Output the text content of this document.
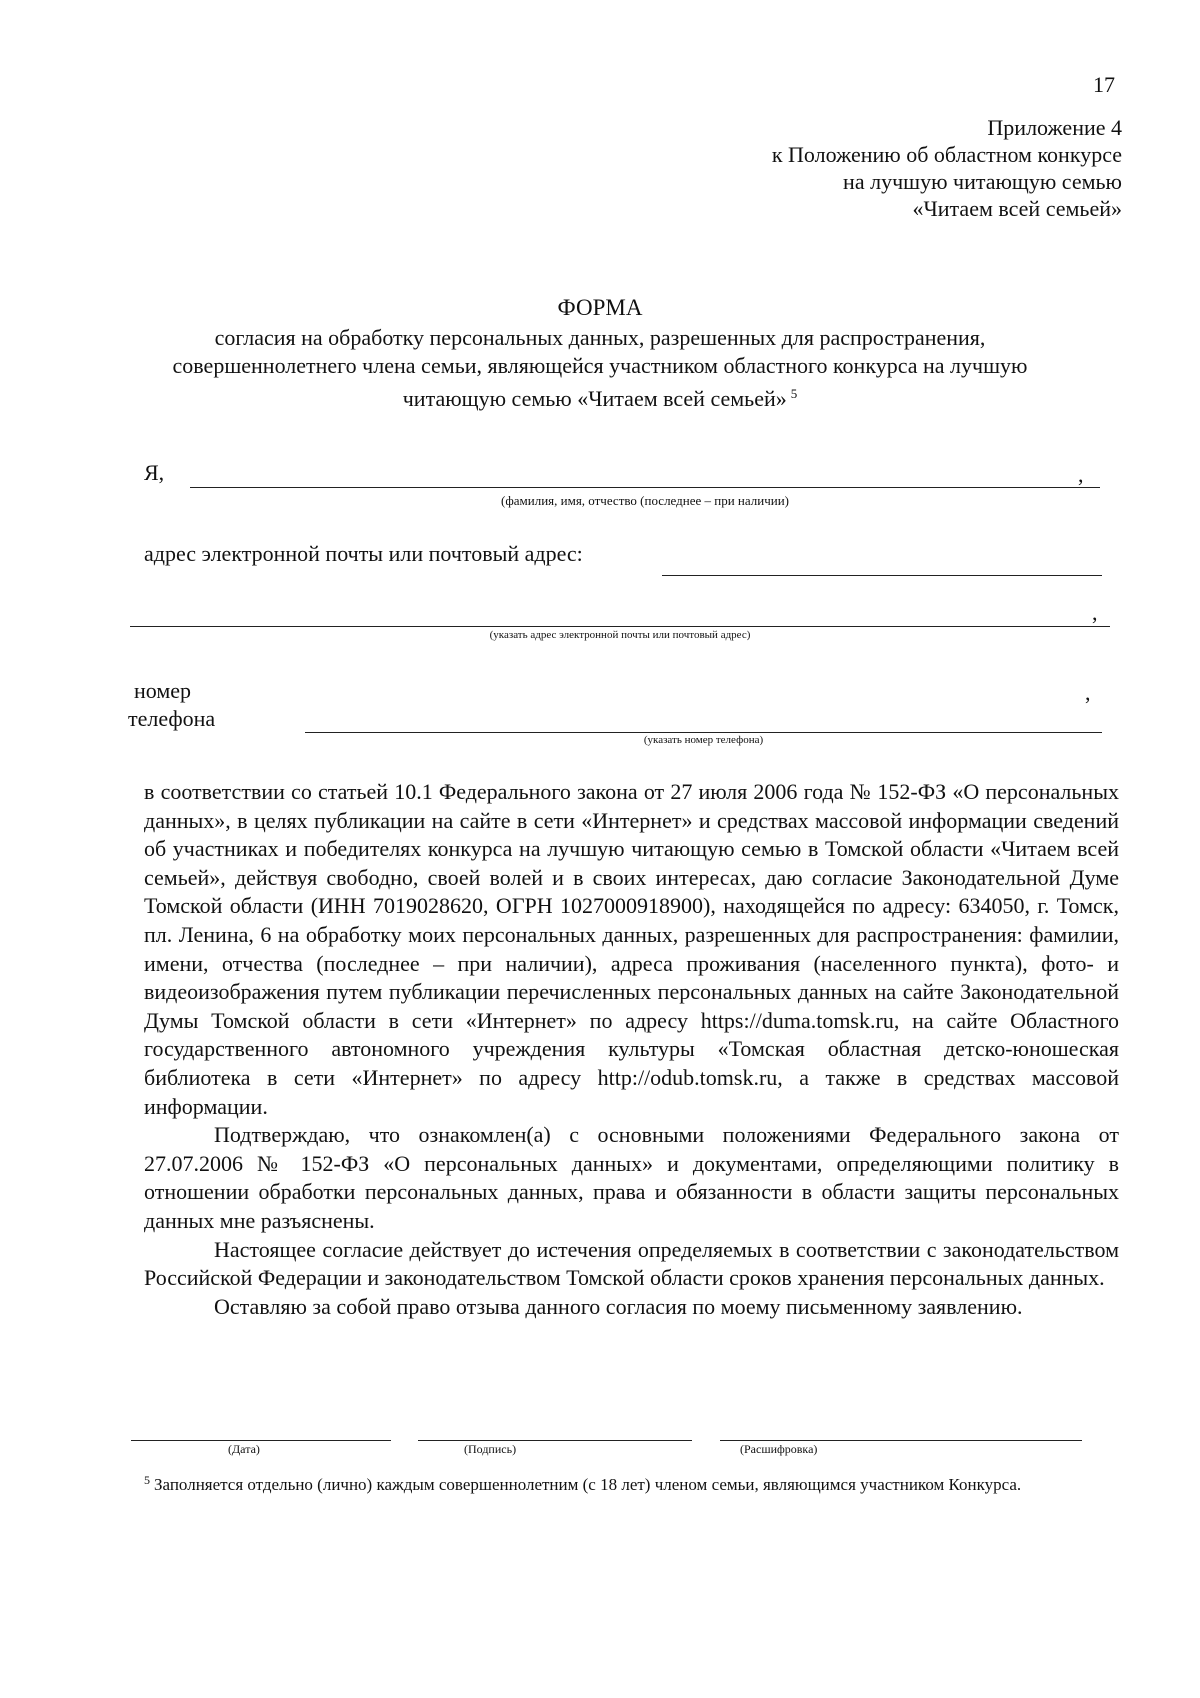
17
Приложение 4
к Положению об областном конкурсе
на лучшую читающую семью
«Читаем всей семьей»
ФОРМА
согласия на обработку персональных данных, разрешенных для распространения,
совершеннолетнего члена семьи, являющейся участником областного конкурса на лучшую
читающую семью «Читаем всей семьей» $^5$
Я,	,
(фамилия, имя, отчество (последнее – при наличии)
адрес электронной почты или почтовый адрес:
,
(указать адрес электронной почты или почтовый адрес)
номер
телефона
,
(указать номер телефона)

в соответствии со статьей 10.1 Федерального закона от 27 июля 2006 года № 152-ФЗ «О персональных данных», в целях публикации на сайте в сети «Интернет» и средствах массовой информации сведений об участниках и победителях конкурса на лучшую читающую семью в Томской области «Читаем всей семьей», действуя свободно, своей волей и в своих интересах, даю согласие Законодательной Думе Томской области (ИНН 7019028620, ОГРН 1027000918900), находящейся по адресу: 634050, г. Томск, пл. Ленина, 6 на обработку моих персональных данных, разрешенных для распространения: фамилии, имени, отчества (последнее – при наличии), адреса проживания (населенного пункта), фото- и видеоизображения путем публикации перечисленных персональных данных на сайте Законодательной Думы Томской области в сети «Интернет» по адресу https://duma.tomsk.ru, на сайте Областного государственного автономного учреждения культуры «Томская областная детско-юношеская библиотека в сети «Интернет» по адресу http://odub.tomsk.ru, а также в средствах массовой информации.

Подтверждаю, что ознакомлен(а) с основными положениями Федерального закона от 27.07.2006 № 152-ФЗ «О персональных данных» и документами, определяющими политику в отношении обработки персональных данных, права и обязанности в области защиты персональных данных мне разъяснены.

Настоящее согласие действует до истечения определяемых в соответствии с законодательством Российской Федерации и законодательством Томской области сроков хранения персональных данных.

Оставляю за собой право отзыва данного согласия по моему письменному заявлению.

(Дата)	(Подпись)	(Расшифровка)
$^5$ Заполняется отдельно (лично) каждым совершеннолетним (с 18 лет) членом семьи, являющимся участником Конкурса.
